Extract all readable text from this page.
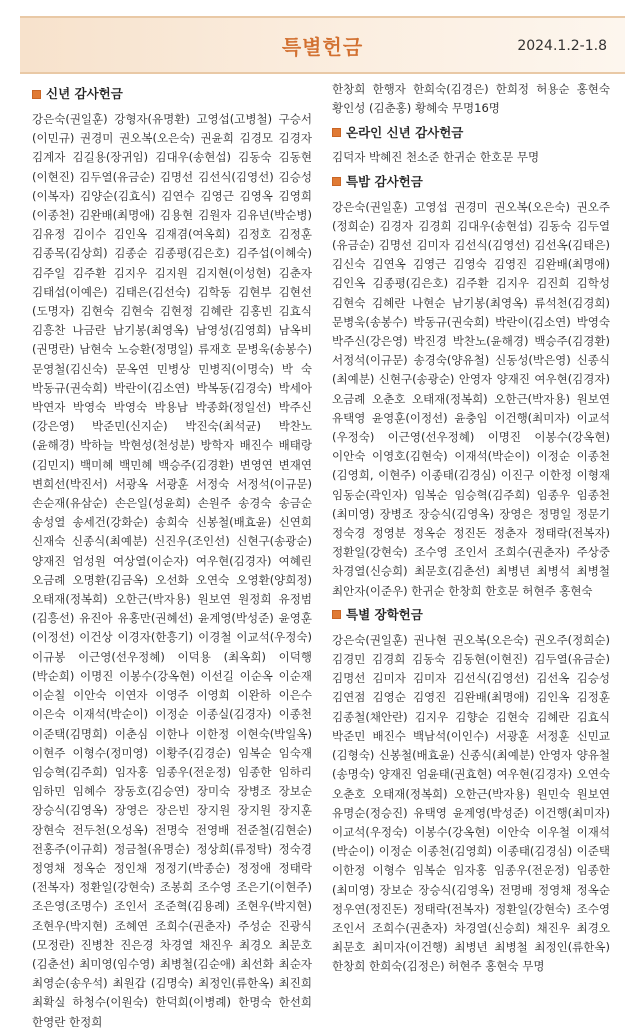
특별헌금	2024.1.2-1.8
신년 감사헌금
강은숙(권일훈) 강형자(유명환) 고영섭(고병철) 구승서(이민규) 권경미 권오복(오은숙) 권윤희 김경모 김경자 김계자 김길용(장귀임) 김대우(송현섭) 김동숙 김동현(이현진) 김두열(유금순) 김명선 김선식(김영선) 김승성(이복자) 김양순(김효식) 김연수 김영근 김영옥 김영희(이종천) 김완배(최명애) 김용현 김원자 김유년(박순병) 김유정 김이수 김인옥 김재겸(여옥희) 김정호 김정훈 김종목(김상희) 김종순 김종평(김은호) 김주섭(이혜숙) 김주일 김주환 김지우 김지원 김지현(이성현) 김춘자 김태섭(이예은) 김태은(김선숙) 김학동 김현부 김현선(도명자) 김현숙 김현숙 김현정 김혜란 김홍빈 김효식 김흥찬 나금란 남기봉(최영옥) 남영성(김영희) 남옥비(권명란) 남현숙 노승환(정명일) 류재호 문병욱(송봉수) 문영철(김신숙) 문옥연 민병상 민병직(이명숙) 박 숙 박동규(권숙희) 박란이(김소연) 박복동(김경숙) 박세아 박연자 박영숙 박영숙 박용남 박종화(정일선) 박주신(강은영) 박준민(신지순) 박진숙(최석균) 박찬노(윤해경) 박하늘 박현성(천성분) 방학자 배진수 배태랑(김민지) 백미혜 백민혜 백승주(김경환) 변영연 변재연 변희선(박진서) 서광옥 서광훈 서정숙 서정석(이규문) 손순재(유삼순) 손은일(성윤희) 손원주 송경숙 송금순 송성열 송세건(강화순) 송희숙 신봉철(배효윤) 신연희 신재숙 신종식(최예분) 신진우(조인선) 신현구(송광순) 양재진 엄성원 여상열(이순자) 여우현(김경자) 여혜린 오금례 오명환(김금옥) 오선화 오연숙 오영환(양희정) 오태재(정복희) 오한근(박자용) 원보연 원정희 유정범(김흥선) 유진아 유홍만(권혜선) 윤계영(박성준) 윤영훈 (이정선) 이건상 이경자(한흥기) 이경철 이교석(우정숙) 이규봉 이근영(선우정혜) 이덕용 (최옥희) 이덕행(박순희) 이명진 이봉수(강옥현) 이선길 이순옥 이순재 이순칠 이안숙 이연자 이영주 이영희 이완하 이은수 이은숙 이재석(박순이) 이정순 이종실(김경자) 이종천 이준택(김명희) 이춘심 이한나 이한정 이현숙(박일옥) 이현주 이형수(정미영) 이황주(김경순) 임복순 임숙재 임승혁(김주희) 임자홍 임종우(전운정) 임종한 임하리 임하민 임혜수 장동호(김승연) 장미숙 장병조 장보순 장승식(김영옥) 장영은 장은빈 장지원 장지원 장지훈 장현숙 전두천(오성옥) 전명숙 전영배 전준철(김현순) 전홍주(이규희) 정금철(유명순) 정상희(류정탁) 정숙경 정영채 정옥순 정인채 정정기(박종순) 정정애 정태락(전복자) 정환일(강현숙) 조봉희 조수영 조은기(이현주) 조은영(조명수) 조인서 조준혁(김용례) 조현우(박지현) 조현우(박지현) 조혜연 조희수(권춘자) 주성순 진광식(모정란) 진병찬 진은경 차경열 채진우 최경오 최문호(김춘선) 최미영(임수영) 최병철(김순애) 최선화 최순자 최영순(송우석) 최원갑 (김명숙) 최정인(류한옥) 최진희 최확실 하청수(이원숙) 한덕희(이병례) 한명숙 한선희 한영란 한정희
한창희 한행자 한희숙(김경은) 한희정 허용순 홍현숙 황인성 (김춘홍) 황혜숙 무명16명
온라인 신년 감사헌금
김덕자 박혜진 천소준 한귀순 한호문 무명
특밤 감사헌금
강은숙(권일훈) 고영섭 권경미 권오복(오은숙) 권오주(정희순) 김경자 김경희 김대우(송현섭) 김동숙 김두열(유금순) 김명선 김미자 김선식(김영선) 김선옥(김태은) 김신숙 김연옥 김영근 김영숙 김영진 김완배(최명애) 김인옥 김종평(김은호) 김주환 김지우 김진희 김학성 김현숙 김혜란 나현순 남기봉(최영옥) 류석천(김경희) 문병욱(송봉수) 박동규(권숙희) 박란이(김소연) 박영숙 박주신(강은영) 박진경 박찬노(윤해경) 백승주(김경환) 서정석(이규문) 송경숙(양유철) 신동성(박은영) 신종식(최예분) 신현구(송광순) 안영자 양재진 여우현(김경자) 오금례 오춘호 오태재(정복희) 오한근(박자용) 원보연 유택영 윤영훈(이정선) 윤충임 이건행(최미자) 이교석(우정숙) 이근영(선우정혜) 이명진 이봉수(강옥현) 이안숙 이영호(김현숙) 이재석(박순이) 이정순 이종천(김영희, 이현주) 이종태(김경심) 이진구 이한정 이형재 임동순(곽인자) 임복순 임승혁(김주희) 임종우 임종천(최미영) 장병조 장승식(김영옥) 장영은 정명일 정문기 정숙경 정영분 정옥순 정진돈 정춘자 정태락(전복자) 정환일(강현숙) 조수영 조인서 조희수(권춘자) 주상중 차경열(신승희) 최문호(김춘선) 최병년 최병석 최병철 최안자(이준우) 한귀순 한창희 한호문 허현주 홍현숙
특별 장학헌금
강은숙(권일훈) 권나현 권오복(오은숙) 권오주(정희순) 김경민 김경희 김동숙 김동현(이현진) 김두열(유금순) 김명선 김미자 김미자 김선식(김영선) 김선옥 김승성 김연점 김영순 김영진 김완배(최명애) 김인옥 김정훈 김종철(채안란) 김지우 김향순 김현숙 김혜란 김효식 박준민 배진수 백남석(이인수) 서광훈 서정훈 신민교(김형숙) 신봉철(배효윤) 신종식(최예분) 안영자 양유철(송명숙) 양재진 엄윤태(권효현) 여우현(김경자) 오연숙 오춘호 오태재(정복희) 오한근(박자용) 원민숙 원보연 유명순(정승진) 유택영 윤계영(박성준) 이건행(최미자) 이교석(우정숙) 이봉수(강옥현) 이안숙 이우철 이재석(박순이) 이정순 이종천(김영희) 이종태(김경심) 이준택 이한정 이형수 임복순 임자홍 임종우(전운정) 임종한(최미영) 장보순 장승식(김영옥) 전명배 정영채 정옥순 정우연(정진돈) 정태락(전복자) 정환일(강현숙) 조수영 조인서 조희수(권춘자) 차경열(신승희) 채진우 최경오 최문호 최미자(이건행) 최병년 최병철 최정인(류한옥) 한창희 한희숙(김정은) 허현주 홍현숙 무명
